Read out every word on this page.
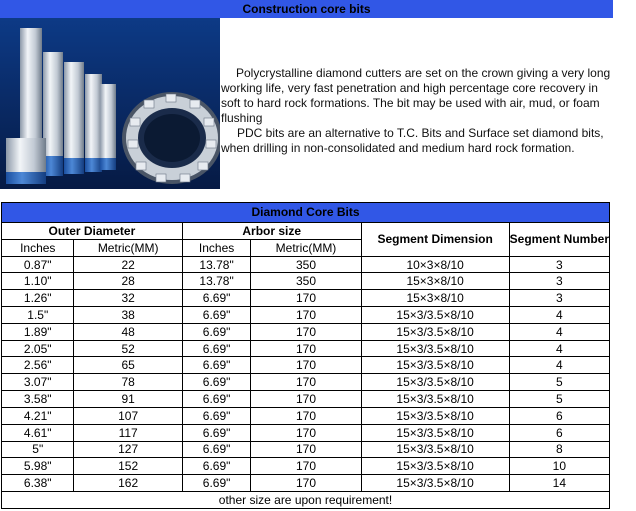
Construction core bits

Polycrystalline diamond cutters are set on the crown giving a very long working life, very fast penetration and high percentage core recovery in soft to hard rock formations. The bit may be used with air, mud, or foam flushing

PDC bits are an alternative to T.C. Bits and Surface set diamond bits, when drilling in non-consolidated and medium hard rock formation.

Diamond Core Bits					
Outer Diameter		Arbor size		Segment Dimension	Segment Number
Inches	Metric(MM)	Inches	Metric(MM)		
0.87"	22	13.78"	350	10×3×8/10	3
1.10"	28	13.78"	350	15×3×8/10	3
1.26"	32	6.69"	170	15×3×8/10	3
1.5"	38	6.69"	170	15×3/3.5×8/10	4
1.89"	48	6.69"	170	15×3/3.5×8/10	4
2.05"	52	6.69"	170	15×3/3.5×8/10	4
2.56"	65	6.69"	170	15×3/3.5×8/10	4
3.07"	78	6.69"	170	15×3/3.5×8/10	5
3.58"	91	6.69"	170	15×3/3.5×8/10	5
4.21"	107	6.69"	170	15×3/3.5×8/10	6
4.61"	117	6.69"	170	15×3/3.5×8/10	6
5"	127	6.69"	170	15×3/3.5×8/10	8
5.98"	152	6.69"	170	15×3/3.5×8/10	10
6.38"	162	6.69"	170	15×3/3.5×8/10	14
other size are upon requirement!					
